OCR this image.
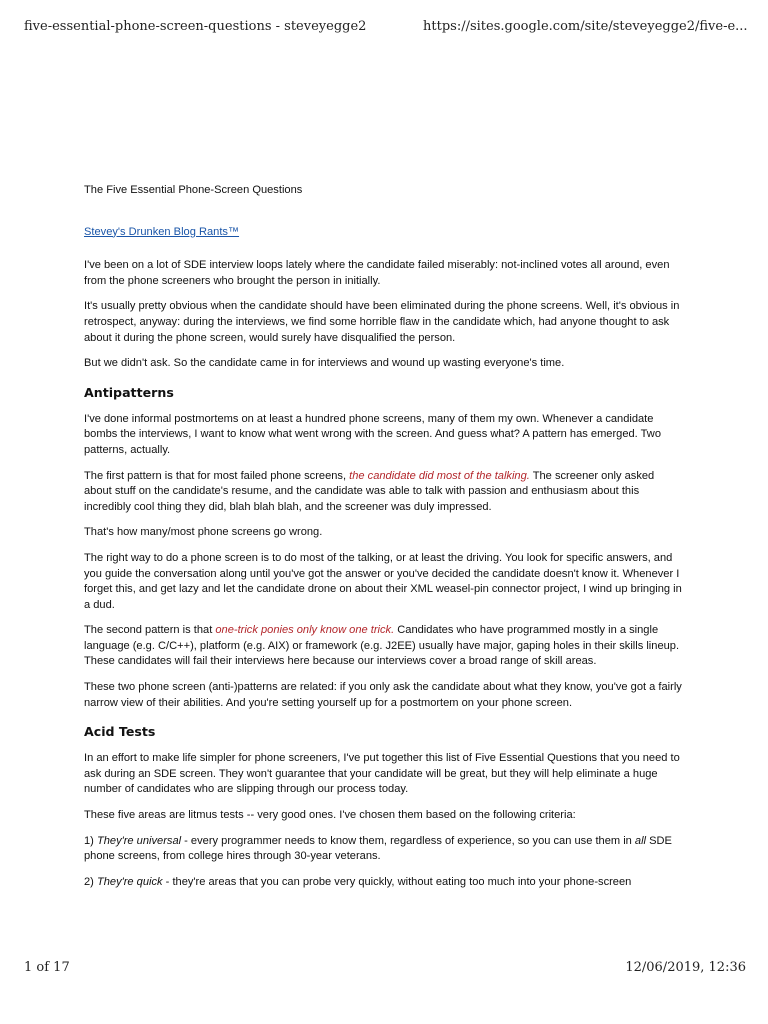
five-essential-phone-screen-questions - steveyegge2	https://sites.google.com/site/steveyegge2/five-e...

The Five Essential Phone-Screen Questions

Stevey's Drunken Blog Rants™

I've been on a lot of SDE interview loops lately where the candidate failed miserably: not-inclined votes all around, even from the phone screeners who brought the person in initially.

It's usually pretty obvious when the candidate should have been eliminated during the phone screens. Well, it's obvious in retrospect, anyway: during the interviews, we find some horrible flaw in the candidate which, had anyone thought to ask about it during the phone screen, would surely have disqualified the person.

But we didn't ask. So the candidate came in for interviews and wound up wasting everyone's time.

Antipatterns

I've done informal postmortems on at least a hundred phone screens, many of them my own. Whenever a candidate bombs the interviews, I want to know what went wrong with the screen. And guess what? A pattern has emerged. Two patterns, actually.

The first pattern is that for most failed phone screens, the candidate did most of the talking. The screener only asked about stuff on the candidate's resume, and the candidate was able to talk with passion and enthusiasm about this incredibly cool thing they did, blah blah blah, and the screener was duly impressed.

That's how many/most phone screens go wrong.

The right way to do a phone screen is to do most of the talking, or at least the driving. You look for specific answers, and you guide the conversation along until you've got the answer or you've decided the candidate doesn't know it. Whenever I forget this, and get lazy and let the candidate drone on about their XML weasel-pin connector project, I wind up bringing in a dud.

The second pattern is that one-trick ponies only know one trick. Candidates who have programmed mostly in a single language (e.g. C/C++), platform (e.g. AIX) or framework (e.g. J2EE) usually have major, gaping holes in their skills lineup. These candidates will fail their interviews here because our interviews cover a broad range of skill areas.

These two phone screen (anti-)patterns are related: if you only ask the candidate about what they know, you've got a fairly narrow view of their abilities. And you're setting yourself up for a postmortem on your phone screen.

Acid Tests

In an effort to make life simpler for phone screeners, I've put together this list of Five Essential Questions that you need to ask during an SDE screen. They won't guarantee that your candidate will be great, but they will help eliminate a huge number of candidates who are slipping through our process today.

These five areas are litmus tests -- very good ones. I've chosen them based on the following criteria:

1) They're universal - every programmer needs to know them, regardless of experience, so you can use them in all SDE phone screens, from college hires through 30-year veterans.

2) They're quick - they're areas that you can probe very quickly, without eating too much into your phone-screen

1 of 17	12/06/2019, 12:36
